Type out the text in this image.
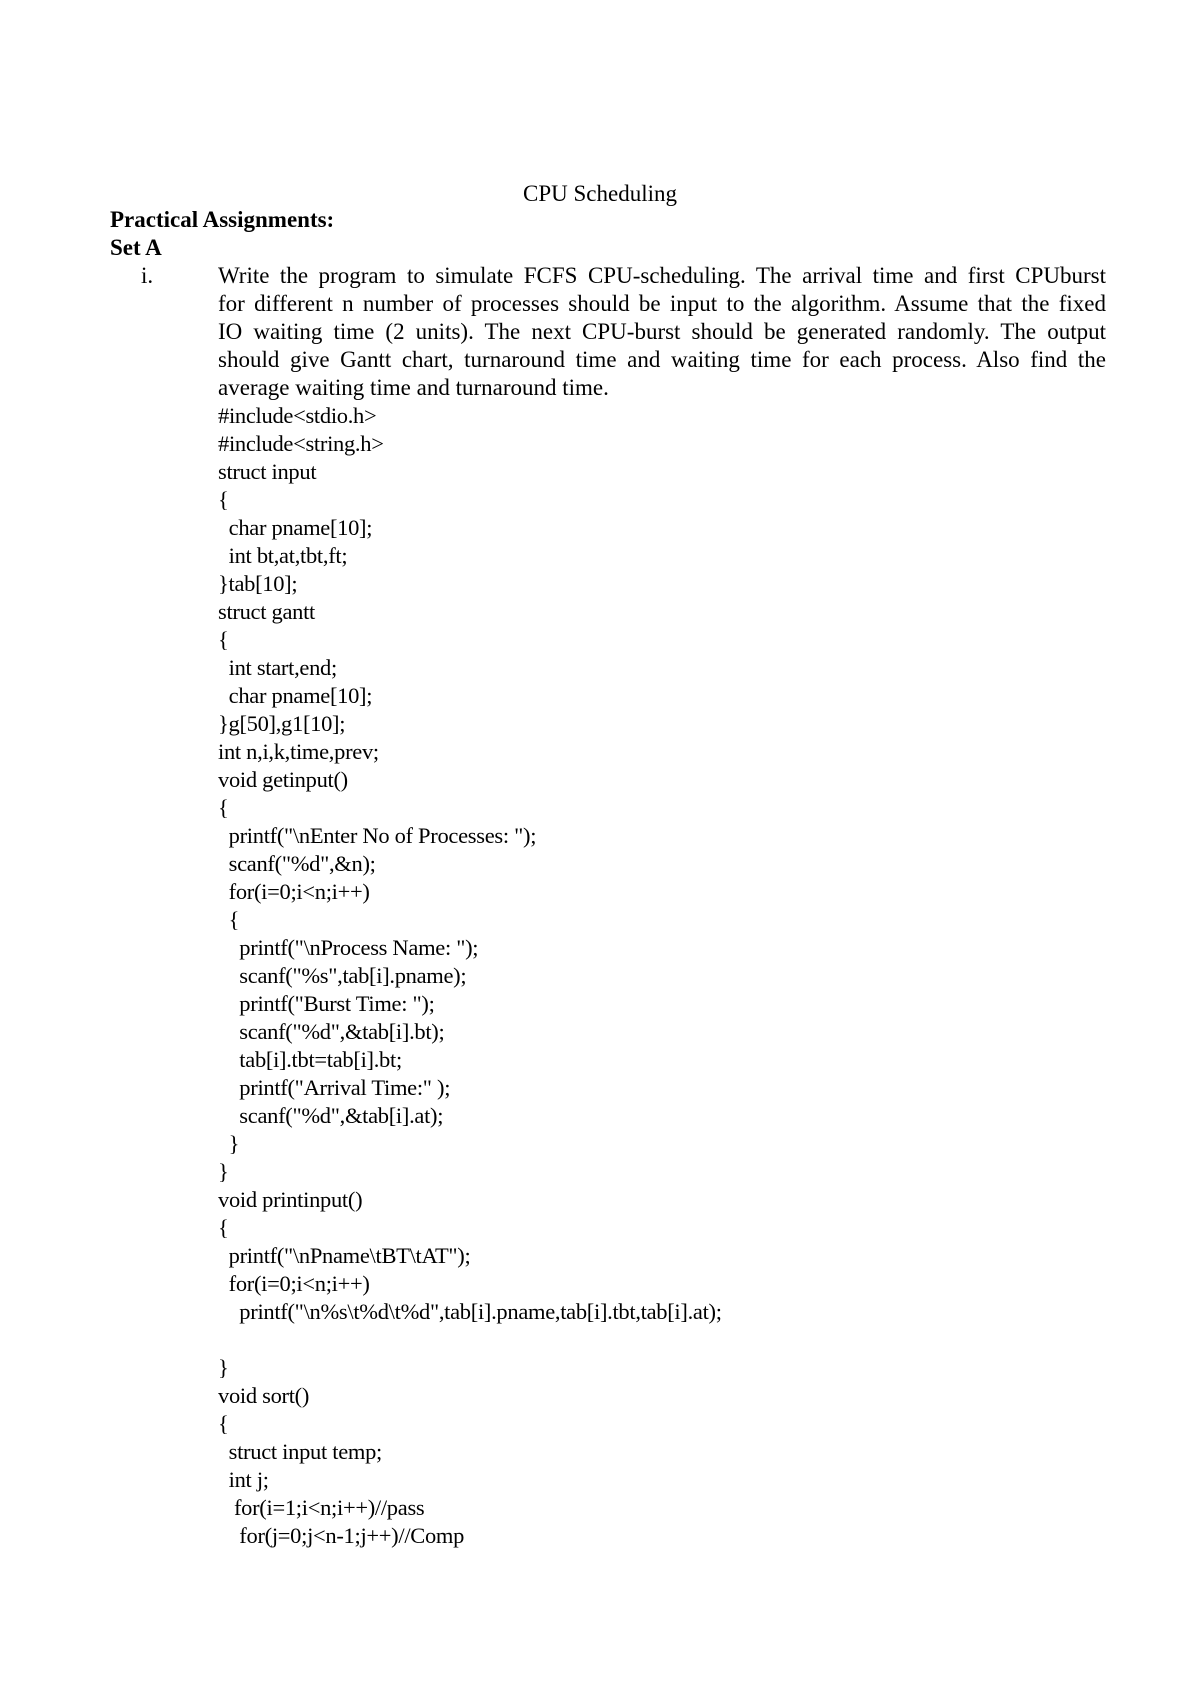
CPU Scheduling
Practical Assignments:
Set A
i.	Write the program to simulate FCFS CPU-scheduling. The arrival time and first CPUburst
for different n number of processes should be input to the algorithm. Assume that the fixed
IO waiting time (2 units). The next CPU-burst should be generated randomly. The output
should give Gantt chart, turnaround time and waiting time for each process. Also find the
average waiting time and turnaround time.
#include<stdio.h>
#include<string.h>
struct input
{
char pname[10];
int bt,at,tbt,ft;
}tab[10];
struct gantt
{
int start,end;
char pname[10];
}g[50],g1[10];
int n,i,k,time,prev;
void getinput()
{
printf("\nEnter No of Processes: ");
scanf("%d",&n);
for(i=0;i<n;i++)
{
printf("\nProcess Name: ");
scanf("%s",tab[i].pname);
printf("Burst Time: ");
scanf("%d",&tab[i].bt);
tab[i].tbt=tab[i].bt;
printf("Arrival Time:" );
scanf("%d",&tab[i].at);
}
}
void printinput()
{
printf("\nPname\tBT\tAT");
for(i=0;i<n;i++)
printf("\n%s\t%d\t%d",tab[i].pname,tab[i].tbt,tab[i].at);
}
void sort()
{
struct input temp;
int j;
for(i=1;i<n;i++)//pass
for(j=0;j<n-1;j++)//Comp
